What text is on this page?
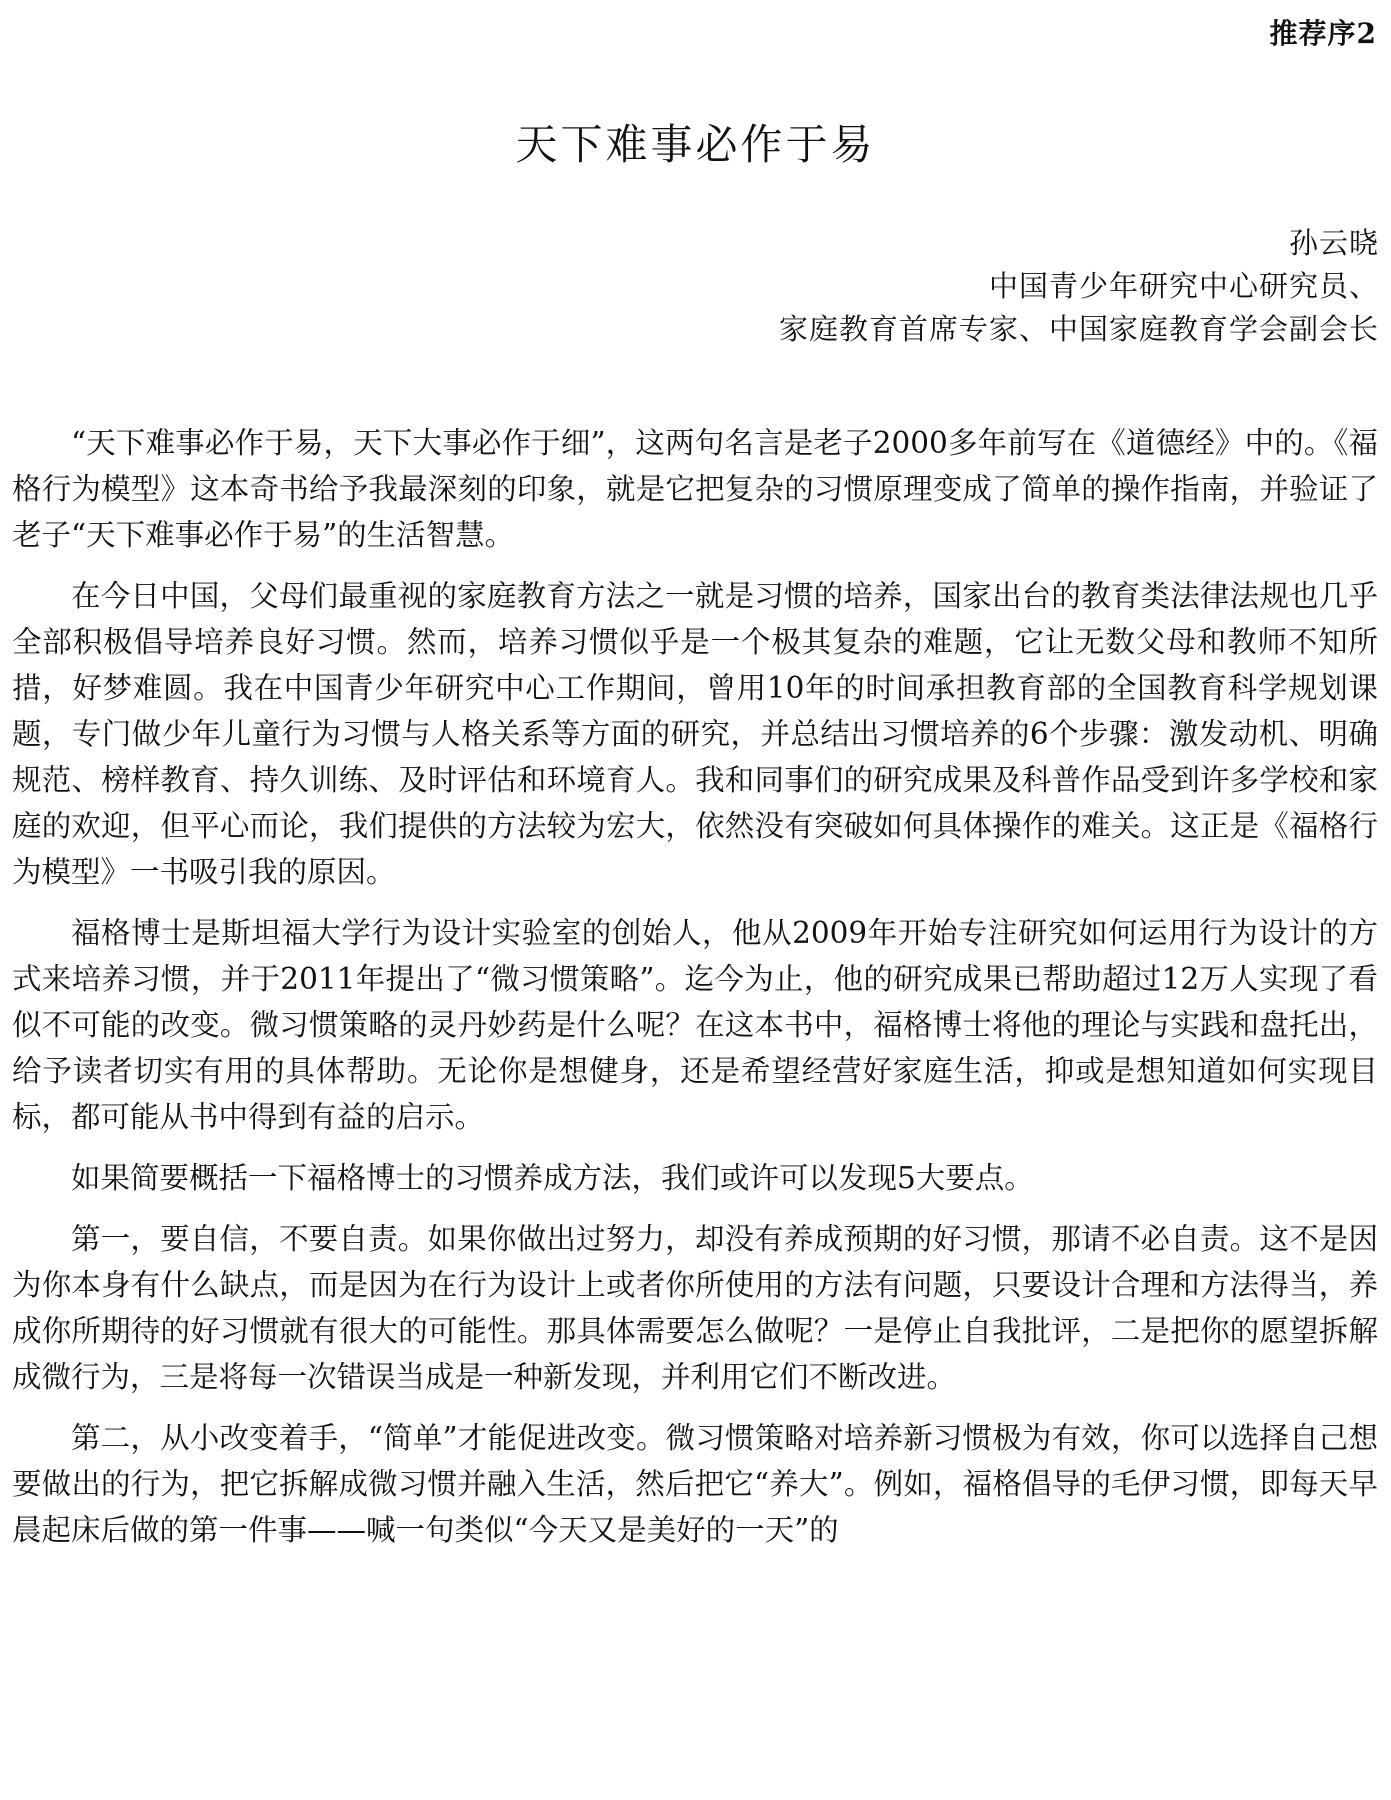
推荐序2
天下难事必作于易
孙云晓
中国青少年研究中心研究员、
家庭教育首席专家、中国家庭教育学会副会长

“天下难事必作于易，天下大事必作于细”，这两句名言是老子2000多年前写在《道德经》中的。《福格行为模型》这本奇书给予我最深刻的印象，就是它把复杂的习惯原理变成了简单的操作指南，并验证了老子“天下难事必作于易”的生活智慧。

在今日中国，父母们最重视的家庭教育方法之一就是习惯的培养，国家出台的教育类法律法规也几乎全部积极倡导培养良好习惯。然而，培养习惯似乎是一个极其复杂的难题，它让无数父母和教师不知所措，好梦难圆。我在中国青少年研究中心工作期间，曾用10年的时间承担教育部的全国教育科学规划课题，专门做少年儿童行为习惯与人格关系等方面的研究，并总结出习惯培养的6个步骤：激发动机、明确规范、榜样教育、持久训练、及时评估和环境育人。我和同事们的研究成果及科普作品受到许多学校和家庭的欢迎，但平心而论，我们提供的方法较为宏大，依然没有突破如何具体操作的难关。这正是《福格行为模型》一书吸引我的原因。

福格博士是斯坦福大学行为设计实验室的创始人，他从2009年开始专注研究如何运用行为设计的方式来培养习惯，并于2011年提出了“微习惯策略”。迄今为止，他的研究成果已帮助超过12万人实现了看似不可能的改变。微习惯策略的灵丹妙药是什么呢？在这本书中，福格博士将他的理论与实践和盘托出，给予读者切实有用的具体帮助。无论你是想健身，还是希望经营好家庭生活，抑或是想知道如何实现目标，都可能从书中得到有益的启示。

如果简要概括一下福格博士的习惯养成方法，我们或许可以发现5大要点。

第一，要自信，不要自责。如果你做出过努力，却没有养成预期的好习惯，那请不必自责。这不是因为你本身有什么缺点，而是因为在行为设计上或者你所使用的方法有问题，只要设计合理和方法得当，养成你所期待的好习惯就有很大的可能性。那具体需要怎么做呢？一是停止自我批评，二是把你的愿望拆解成微行为，三是将每一次错误当成是一种新发现，并利用它们不断改进。

第二，从小改变着手，“简单”才能促进改变。微习惯策略对培养新习惯极为有效，你可以选择自己想要做出的行为，把它拆解成微习惯并融入生活，然后把它“养大”。例如，福格倡导的毛伊习惯，即每天早晨起床后做的第一件事——喊一句类似“今天又是美好的一天”的
